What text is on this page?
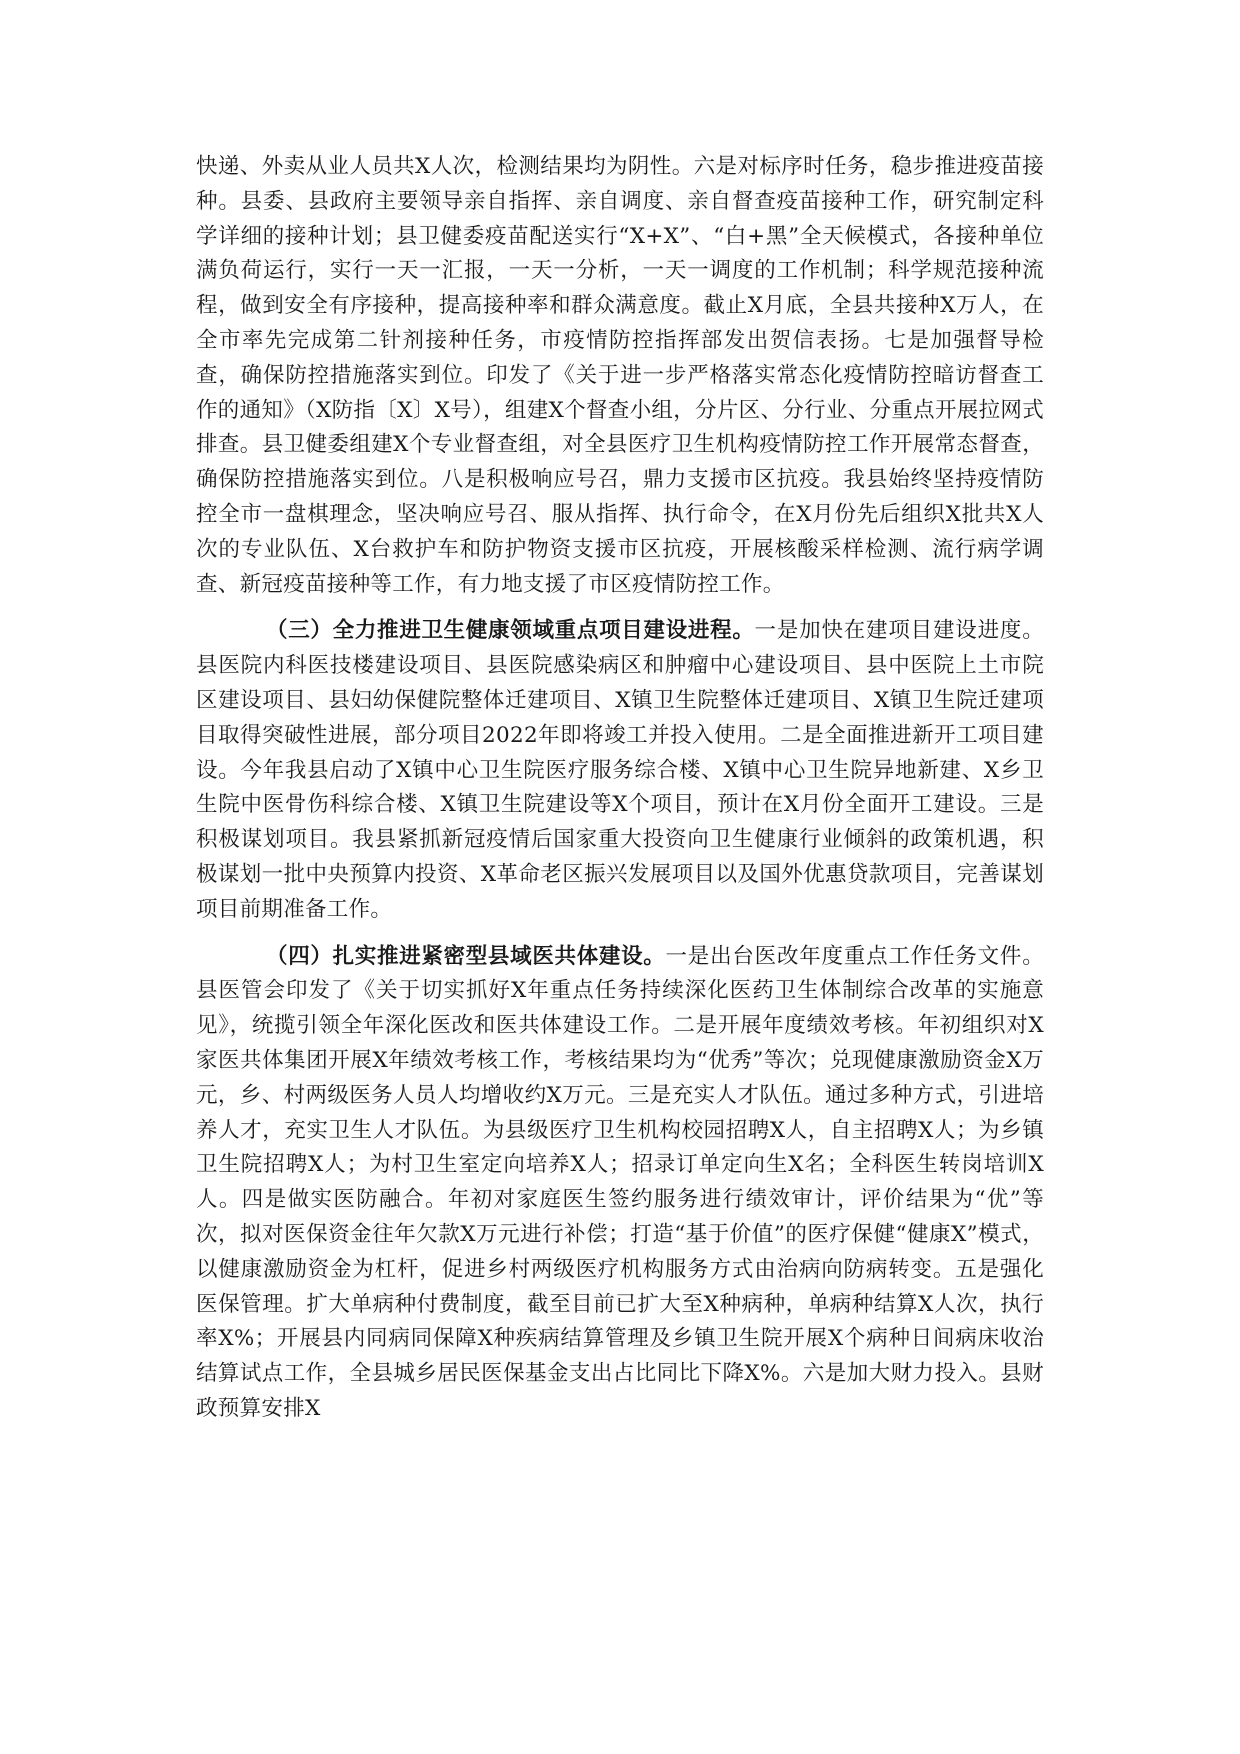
快递、外卖从业人员共X人次，检测结果均为阴性。六是对标序时任务，稳步推进疫苗接种。县委、县政府主要领导亲自指挥、亲自调度、亲自督查疫苗接种工作，研究制定科学详细的接种计划；县卫健委疫苗配送实行“X+X”、“白+黑”全天候模式，各接种单位满负荷运行，实行一天一汇报，一天一分析，一天一调度的工作机制；科学规范接种流程，做到安全有序接种，提高接种率和群众满意度。截止X月底，全县共接种X万人，在全市率先完成第二针剂接种任务，市疫情防控指挥部发出贺信表扬。七是加强督导检查，确保防控措施落实到位。印发了《关于进一步严格落实常态化疫情防控暗访督查工作的通知》（X防指〔X〕X号），组建X个督查小组，分片区、分行业、分重点开展拉网式排查。县卫健委组建X个专业督查组，对全县医疗卫生机构疫情防控工作开展常态督查，确保防控措施落实到位。八是积极响应号召，鼎力支援市区抗疫。我县始终坚持疫情防控全市一盘棋理念，坚决响应号召、服从指挥、执行命令，在X月份先后组织X批共X人次的专业队伍、X台救护车和防护物资支援市区抗疫，开展核酸采样检测、流行病学调查、新冠疫苗接种等工作，有力地支援了市区疫情防控工作。

（三）全力推进卫生健康领域重点项目建设进程。一是加快在建项目建设进度。县医院内科医技楼建设项目、县医院感染病区和肿瘤中心建设项目、县中医院上土市院区建设项目、县妇幼保健院整体迁建项目、X镇卫生院整体迁建项目、X镇卫生院迁建项目取得突破性进展，部分项目2022年即将竣工并投入使用。二是全面推进新开工项目建设。今年我县启动了X镇中心卫生院医疗服务综合楼、X镇中心卫生院异地新建、X乡卫生院中医骨伤科综合楼、X镇卫生院建设等X个项目，预计在X月份全面开工建设。三是积极谋划项目。我县紧抓新冠疫情后国家重大投资向卫生健康行业倾斜的政策机遇，积极谋划一批中央预算内投资、X革命老区振兴发展项目以及国外优惠贷款项目，完善谋划项目前期准备工作。

（四）扎实推进紧密型县域医共体建设。一是出台医改年度重点工作任务文件。县医管会印发了《关于切实抓好X年重点任务持续深化医药卫生体制综合改革的实施意见》，统揽引领全年深化医改和医共体建设工作。二是开展年度绩效考核。年初组织对X家医共体集团开展X年绩效考核工作，考核结果均为“优秀”等次；兑现健康激励资金X万元，乡、村两级医务人员人均增收约X万元。三是充实人才队伍。通过多种方式，引进培养人才，充实卫生人才队伍。为县级医疗卫生机构校园招聘X人，自主招聘X人；为乡镇卫生院招聘X人；为村卫生室定向培养X人；招录订单定向生X名；全科医生转岗培训X人。四是做实医防融合。年初对家庭医生签约服务进行绩效审计，评价结果为“优”等次，拟对医保资金往年欠款X万元进行补偿；打造“基于价值”的医疗保健“健康X”模式，以健康激励资金为杠杆，促进乡村两级医疗机构服务方式由治病向防病转变。五是强化医保管理。扩大单病种付费制度，截至目前已扩大至X种病种，单病种结算X人次，执行率X%；开展县内同病同保障X种疾病结算管理及乡镇卫生院开展X个病种日间病床收治结算试点工作，全县城乡居民医保基金支出占比同比下降X%。六是加大财力投入。县财政预算安排X
